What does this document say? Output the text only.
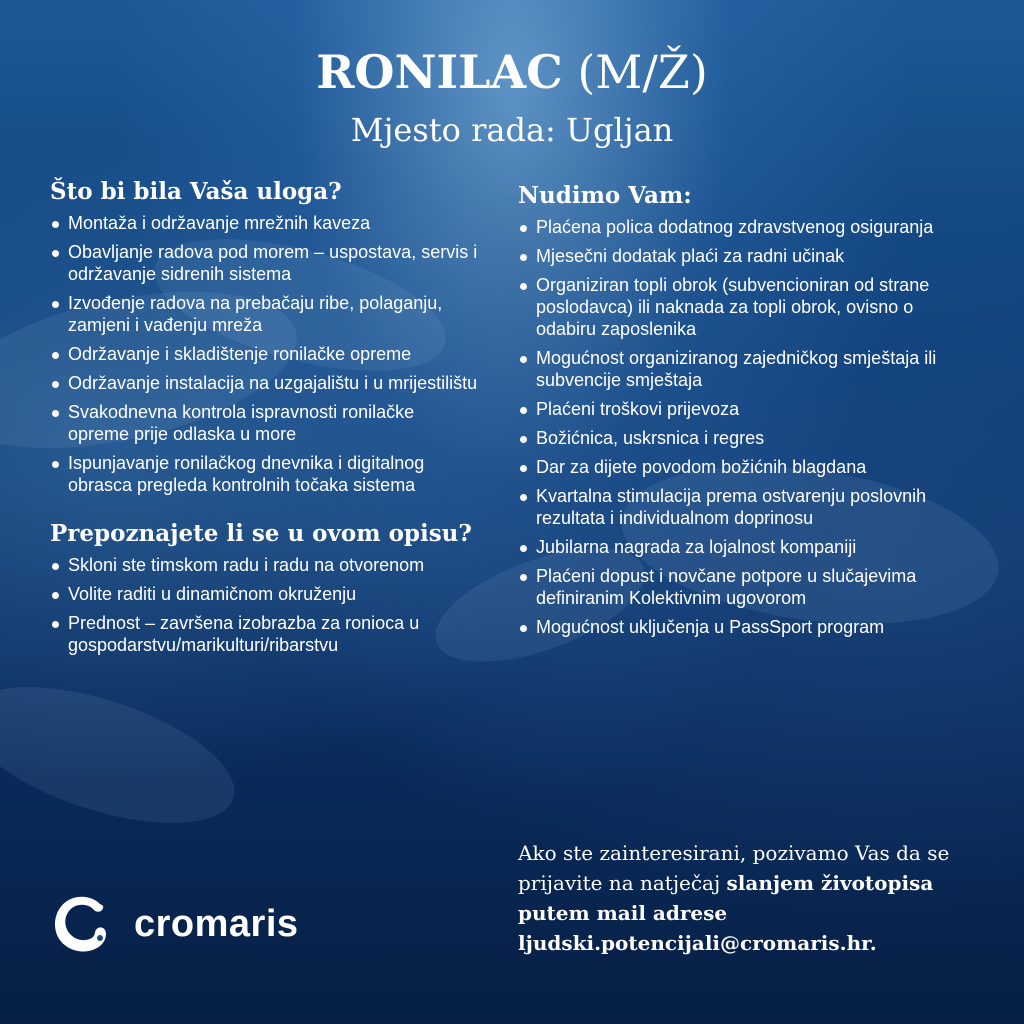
RONILAC (M/Ž)
Mjesto rada: Ugljan
Što bi bila Vaša uloga?
Montaža i održavanje mrežnih kaveza
Obavljanje radova pod morem – uspostava, servis i održavanje sidrenih sistema
Izvođenje radova na prebačaju ribe, polaganju, zamjeni i vađenju mreža
Održavanje i skladištenje ronilačke opreme
Održavanje instalacija na uzgajalištu i u mrijestilištu
Svakodnevna kontrola ispravnosti ronilačke opreme prije odlaska u more
Ispunjavanje ronilačkog dnevnika i digitalnog obrasca pregleda kontrolnih točaka sistema
Prepoznajete li se u ovom opisu?
Skloni ste timskom radu i radu na otvorenom
Volite raditi u dinamičnom okruženju
Prednost – završena izobrazba za ronioca u gospodarstvu/marikulturi/ribarstvu
Nudimo Vam:
Plaćena polica dodatnog zdravstvenog osiguranja
Mjesečni dodatak plaći za radni učinak
Organiziran topli obrok (subvencioniran od strane poslodavca) ili naknada za topli obrok, ovisno o odabiru zaposlenika
Mogućnost organiziranog zajedničkog smještaja ili subvencije smještaja
Plaćeni troškovi prijevoza
Božićnica, uskrsnica i regres
Dar za dijete povodom božićnih blagdana
Kvartalna stimulacija prema ostvarenju poslovnih rezultata i individualnom doprinosu
Jubilarna nagrada za lojalnost kompaniji
Plaćeni dopust i novčane potpore u slučajevima definiranim Kolektivnim ugovorom
Mogućnost uključenja u PassSport program
Ako ste zainteresirani, pozivamo Vas da se prijavite na natječaj slanjem životopisa putem mail adrese ljudski.potencijali@cromaris.hr.
cromaris
